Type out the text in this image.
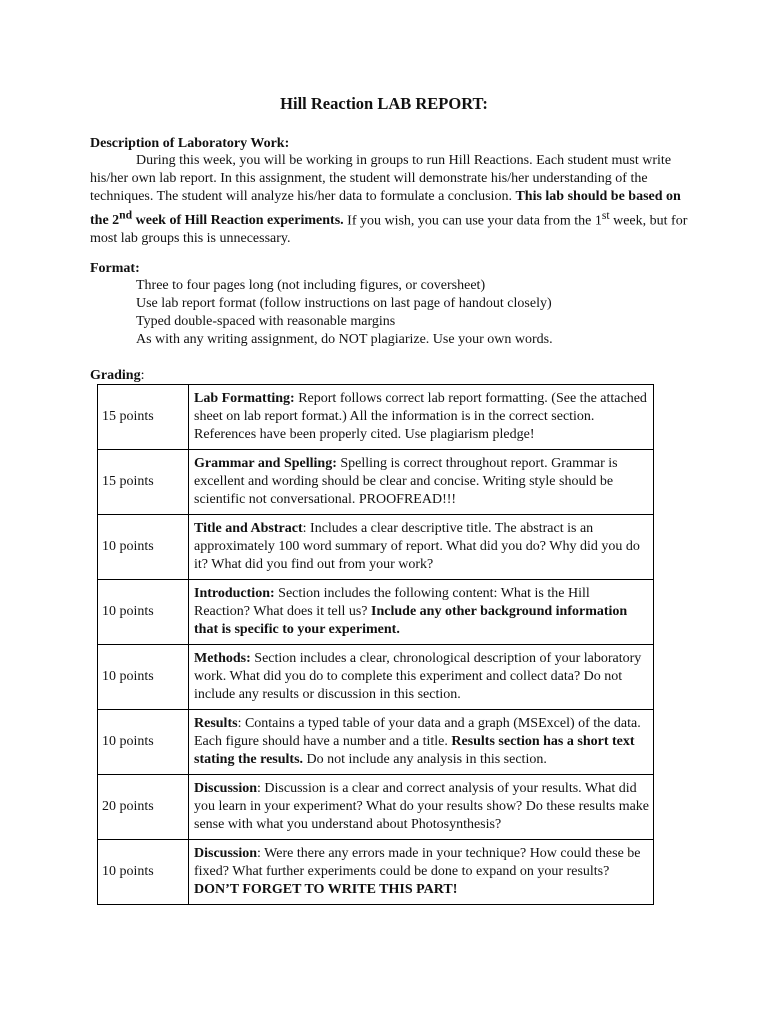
Hill Reaction LAB REPORT:
Description of Laboratory Work:
During this week, you will be working in groups to run Hill Reactions. Each student must write his/her own lab report. In this assignment, the student will demonstrate his/her understanding of the techniques. The student will analyze his/her data to formulate a conclusion. This lab should be based on the 2nd week of Hill Reaction experiments. If you wish, you can use your data from the 1st week, but for most lab groups this is unnecessary.
Format:
Three to four pages long (not including figures, or coversheet)
Use lab report format (follow instructions on last page of handout closely)
Typed double-spaced with reasonable margins
As with any writing assignment, do NOT plagiarize. Use your own words.
Grading:
15 points	Lab Formatting: Report follows correct lab report formatting. (See the attached sheet on lab report format.) All the information is in the correct section. References have been properly cited. Use plagiarism pledge!
15 points	Grammar and Spelling: Spelling is correct throughout report. Grammar is excellent and wording should be clear and concise. Writing style should be scientific not conversational. PROOFREAD!!!
10 points	Title and Abstract: Includes a clear descriptive title. The abstract is an approximately 100 word summary of report. What did you do? Why did you do it? What did you find out from your work?
10 points	Introduction: Section includes the following content: What is the Hill Reaction? What does it tell us? Include any other background information that is specific to your experiment.
10 points	Methods: Section includes a clear, chronological description of your laboratory work. What did you do to complete this experiment and collect data? Do not include any results or discussion in this section.
10 points	Results: Contains a typed table of your data and a graph (MSExcel) of the data. Each figure should have a number and a title. Results section has a short text stating the results. Do not include any analysis in this section.
20 points	Discussion: Discussion is a clear and correct analysis of your results. What did you learn in your experiment? What do your results show? Do these results make sense with what you understand about Photosynthesis?
10 points	Discussion: Were there any errors made in your technique? How could these be fixed? What further experiments could be done to expand on your results? DON’T FORGET TO WRITE THIS PART!
